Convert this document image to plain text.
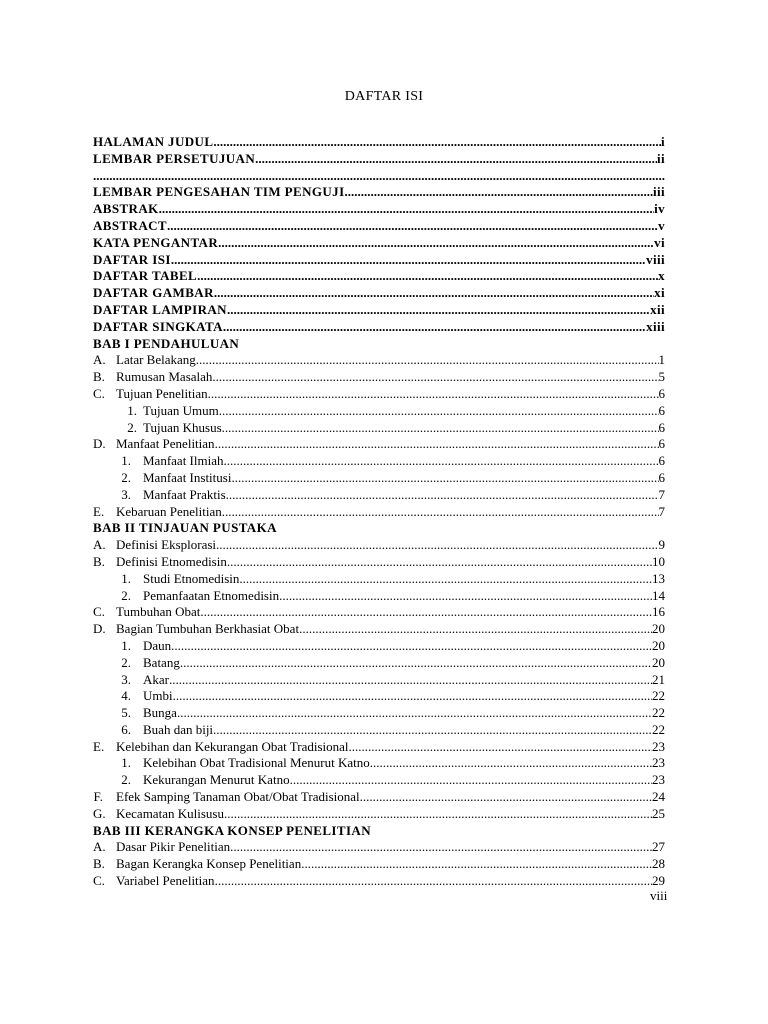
DAFTAR ISI
HALAMAN JUDUL .....	i
LEMBAR PERSETUJUAN .....	ii
.....
LEMBAR PENGESAHAN TIM PENGUJI .....	iii
ABSTRAK .....	iv
ABSTRACT .....	v
KATA PENGANTAR .....	vi
DAFTAR ISI .....	viii
DAFTAR TABEL .....	x
DAFTAR GAMBAR .....	xi
DAFTAR LAMPIRAN .....	xii
DAFTAR SINGKATA .....	xiii
BAB I PENDAHULUAN
A. Latar Belakang .....	1
B. Rumusan Masalah .....	5
C. Tujuan Penelitian .....	6
1. Tujuan Umum .....	6
2. Tujuan Khusus .....	6
D. Manfaat Penelitian .....	6
1. Manfaat Ilmiah .....	6
2. Manfaat Institusi .....	6
3. Manfaat Praktis .....	7
E. Kebaruan Penelitian .....	7
BAB II TINJAUAN PUSTAKA
A. Definisi Eksplorasi .....	9
B. Definisi Etnomedisin .....	10
1. Studi Etnomedisin .....	13
2. Pemanfaatan Etnomedisin .....	14
C. Tumbuhan Obat .....	16
D. Bagian Tumbuhan Berkhasiat Obat .....	20
1. Daun .....	20
2. Batang .....	20
3. Akar .....	21
4. Umbi .....	22
5. Bunga .....	22
6. Buah dan biji .....	22
E. Kelebihan dan Kekurangan Obat Tradisional .....	23
1. Kelebihan Obat Tradisional Menurut Katno .....	23
2. Kekurangan Menurut Katno .....	23
F.	Efek Samping Tanaman Obat/Obat Tradisional .....	24
G. Kecamatan Kulisusu .....	25
BAB III KERANGKA KONSEP PENELITIAN
A. Dasar Pikir Penelitian .....	27
B. Bagan Kerangka Konsep Penelitian .....	28
C. Variabel Penelitian .....	29
viii
